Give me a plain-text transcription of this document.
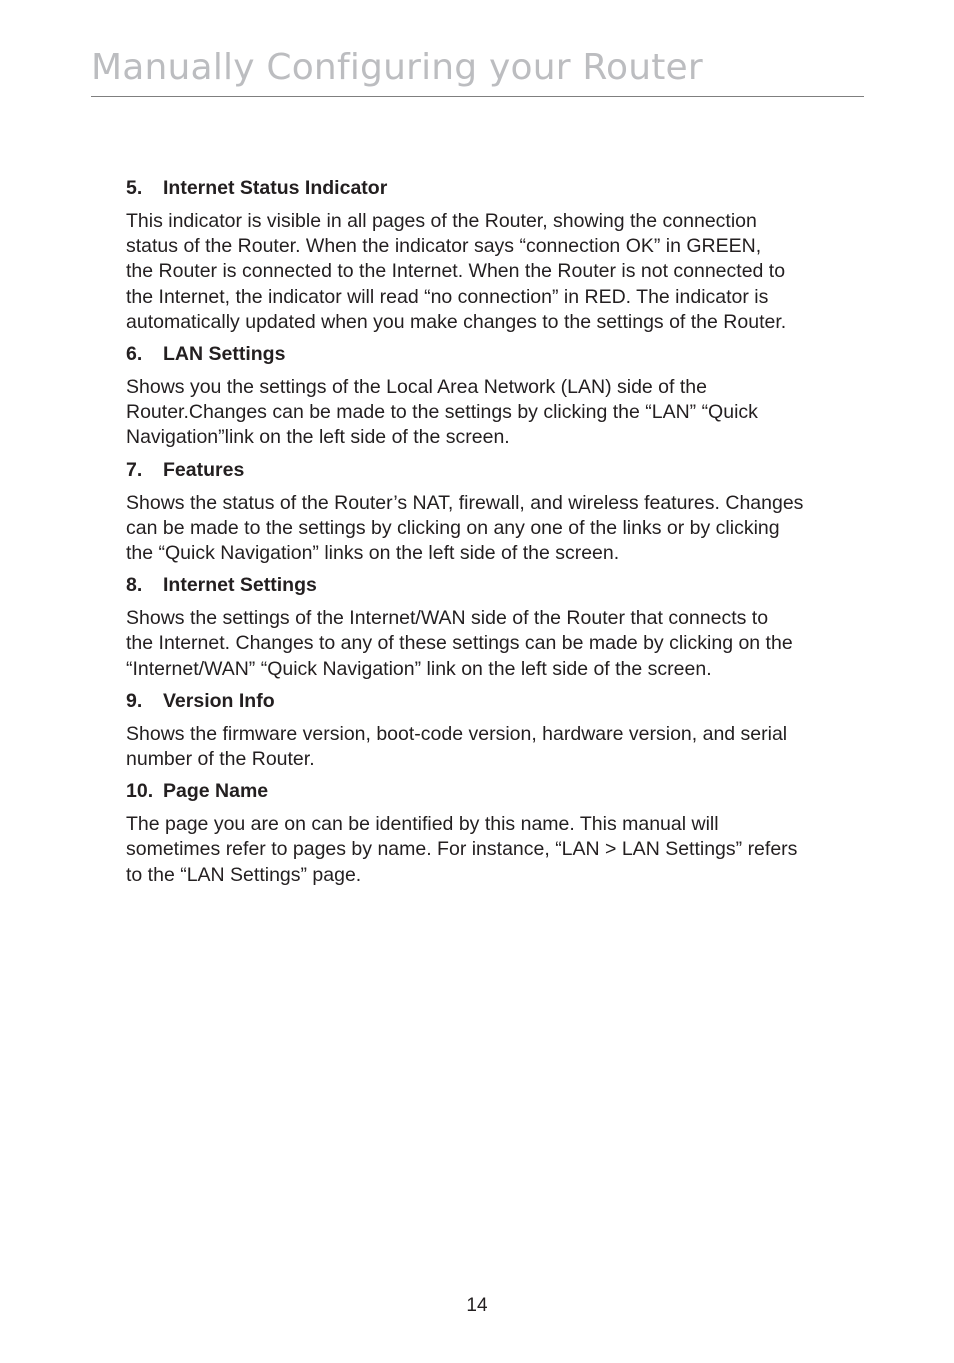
Manually Configuring your Router
5.	Internet Status Indicator
This indicator is visible in all pages of the Router, showing the connection
status of the Router. When the indicator says “connection OK” in GREEN,
the Router is connected to the Internet. When the Router is not connected to
the Internet, the indicator will read “no connection” in RED. The indicator is
automatically updated when you make changes to the settings of the Router.
6.	LAN Settings
Shows you the settings of the Local Area Network (LAN) side of the
Router.Changes can be made to the settings by clicking the “LAN” “Quick
Navigation”link on the left side of the screen.
7.	Features
Shows the status of the Router’s NAT, firewall, and wireless features. Changes
can be made to the settings by clicking on any one of the links or by clicking
the “Quick Navigation” links on the left side of the screen.
8.	Internet Settings
Shows the settings of the Internet/WAN side of the Router that connects to
the Internet. Changes to any of these settings can be made by clicking on the
“Internet/WAN” “Quick Navigation” link on the left side of the screen.
9.	Version Info
Shows the firmware version, boot-code version, hardware version, and serial
number of the Router.
10. Page Name
The page you are on can be identified by this name. This manual will
sometimes refer to pages by name. For instance, “LAN > LAN Settings” refers
to the “LAN Settings” page.
14
